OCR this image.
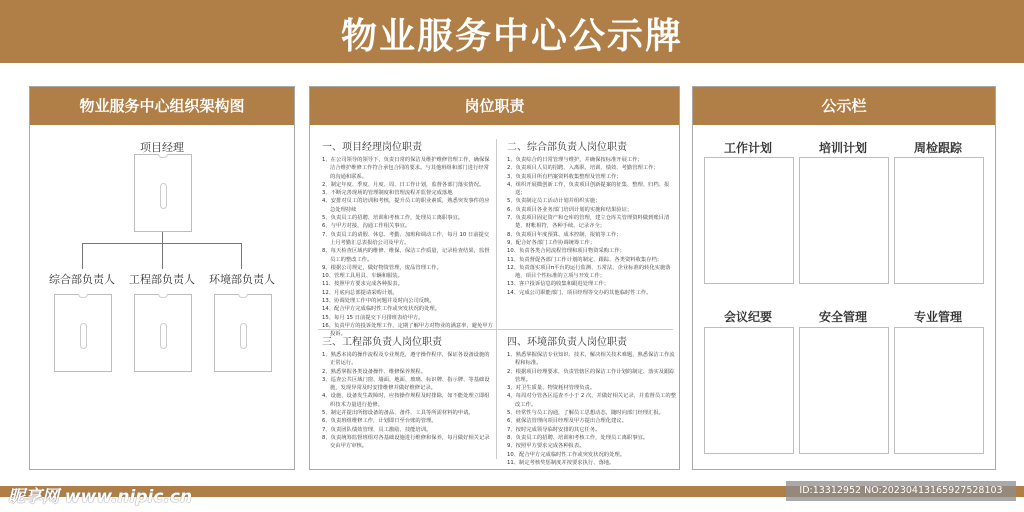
物业服务中心公示牌
物业服务中心组织架构图
项目经理
综合部负责人	工程部负责人	环境部负责人
岗位职责
一、项目经理岗位职责
1、在公司领导的领导下，负责日常的保洁及维护维修管理工作，确保保洁合维护维修工作符合承包合同的要求。与其他班组和部门进行经常的沟通和联系。
2、制定年度、季度、月度、周、日工作计划，监督各部门落实情况。
3、不断完善现场的管理制度和管理流程并监督完成落地
4、安排对员工的培训和考核，提升员工的职业素质，熟悉突发事件的应急处理持续
5、负责员工的招聘、培训和考核工作，处理员工离职事宜。
6、与甲方对接，沟通工作相关事宜。
7、负责员工的请假、休息、考勤、加班和调动工作，每月 10 日前提交上月考勤汇总表报给公司及甲方。
8、每天检查区域内的维修、维保、保洁工作质量，记录检查结果，监督员工的整改工作。
9、根据公司规定，做好物资管理，废品管理工作。
10、管理工具用具、车辆和服装。
11、按照甲方要求完成各种报表。
12、月底向总部提请采购计划。
13、协调处理工作中的问题并及时向公司反映。
14、配合甲方完成临时性工作或突发状况的处理。
15、每月 15 日前提交下月排班表给甲方。
16、负责甲方的投诉处理工作，定期了解甲方对物业的满意率，避免甲方投诉。
二、综合部负责人岗位职责
1、负责综合的日常管理与维护，并确保按标准开展工作；
2、负责项目人员的招聘、入离职、培训、绩效、考勤管理工作；
3、负责项目所有档案资料收集整理及管理工作；
4、组织开展微创新工作，负责项目创新提案的征集、整理、归档、报送；
5、负责制定员工活动计划并组织实施；
6、负责项目各业务部门培训计划的实施和结果验证；
7、负责项目固定资产和仓库的管理，建立仓库关管理资料做到账目清楚、财帐相符，各种手续、记录齐全；
8、负责项目年度预算、成本控制、报销等工作；
9、配合好各部门工作协调统筹工作；
10、负责各类合同流程管理和项目物资采购工作；
11、负责督促各部门工作计划的制定、跟踪、各类资料收集存档；
12、负责落实项目π平台的运行监测、五常法、企业标准的转化实施落地，项目个性标准的立项与开发工作；
13、客户投诉信息的收集和跟进处理工作；
14、完成公司职能部门、项目经理等交办的其他临时性工作。
三、工程部负责人岗位职责
1、熟悉本岗的操作流程及专业规范，遵守操作程序，保证各设备设施的正常运行。
2、熟悉掌握各类设备操作、维修保养规程。
3、巡查公共区域门窗、墙面、地面、玻璃、标识牌、指示牌、等基础设施，发现异常及时安排维修并做好维修记录。
4、设施、设备发生故障时，应按操作规程及时排除，如不能处理立即组织技术力量进行抢修。
5、制定并提出所辖设备的备品、备件、工具等所需材料的申请。
6、负责班组维修工作，计划即日至台账的管理。
7、负责团队绩效管理、员工激励、技能培训。
8、负责统筹监督班组对各基础设施进行维修和保养，每月做好相关记录交由甲方审核。
四、环境部负责人岗位职责
1、熟悉掌握保洁专业知识、技术，解决相关技术难题，熟悉保洁工作流程和标准。
2、根据项目经理要求，负责管辖区的保洁工作计划的制定、落实及跟踪管理。
3、对卫生质量、物资耗材管理负责。
4、每周对分管各区巡查不小于 2 次，并做好相关记录，并监督员工的整改工作。
5、经常性与员工沟通，了解员工思想动态，随时向部门经理汇报。
6、就保洁管理向项目经理及甲方提出合理化建议。
7、按时完成领导临时安排的其它任务。
8、负责员工的招聘、培训和考核工作，处理员工离职事宜。
9、按照甲方要求完成各种报表。
10、配合甲方完成临时性工作或突发状况的处理。
11、制定考核奖惩制度并按要求执行、落地。
公示栏
工作计划	培训计划	周检跟踪
会议纪要	安全管理	专业管理
昵享网 www.nipic.cn	ID:13312952 NO:20230413165927528103
